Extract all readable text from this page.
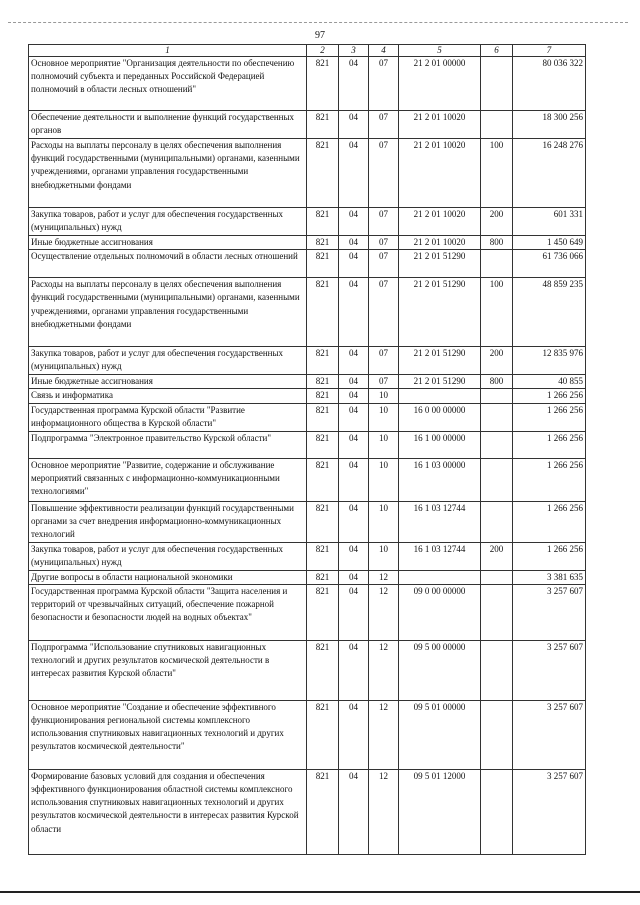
97
1	2	3	4	5	6	7
Основное мероприятие "Организация деятельности по обеспечению полномочий субъекта и переданных Российской Федерацией полномочий в области лесных отношений"	821	04	07	21 2 01 00000		80 036 322
Обеспечение деятельности и выполнение функций государственных органов	821	04	07	21 2 01 10020		18 300 256
Расходы на выплаты персоналу в целях обеспечения выполнения функций государственными (муниципальными) органами, казенными учреждениями, органами управления государственными внебюджетными фондами	821	04	07	21 2 01 10020	100	16 248 276
Закупка товаров, работ и услуг для обеспечения государственных (муниципальных) нужд	821	04	07	21 2 01 10020	200	601 331
Иные бюджетные ассигнования	821	04	07	21 2 01 10020	800	1 450 649
Осуществление отдельных полномочий в области лесных отношений	821	04	07	21 2 01 51290		61 736 066
Расходы на выплаты персоналу в целях обеспечения выполнения функций государственными (муниципальными) органами, казенными учреждениями, органами управления государственными внебюджетными фондами	821	04	07	21 2 01 51290	100	48 859 235
Закупка товаров, работ и услуг для обеспечения государственных (муниципальных) нужд	821	04	07	21 2 01 51290	200	12 835 976
Иные бюджетные ассигнования	821	04	07	21 2 01 51290	800	40 855
Связь и информатика	821	04	10			1 266 256
Государственная программа Курской области "Развитие информационного общества в Курской области"	821	04	10	16 0 00 00000		1 266 256
Подпрограмма "Электронное правительство Курской области"	821	04	10	16 1 00 00000		1 266 256
Основное мероприятие "Развитие, содержание и обслуживание мероприятий связанных с информационно-коммуникационными технологиями"	821	04	10	16 1 03 00000		1 266 256
Повышение эффективности реализации функций государственными органами за счет внедрения информационно-коммуникационных технологий	821	04	10	16 1 03 12744		1 266 256
Закупка товаров, работ и услуг для обеспечения государственных (муниципальных) нужд	821	04	10	16 1 03 12744	200	1 266 256
Другие вопросы в области национальной экономики	821	04	12			3 381 635
Государственная программа Курской области "Защита населения и территорий от чрезвычайных ситуаций, обеспечение пожарной безопасности и безопасности людей на водных объектах"	821	04	12	09 0 00 00000		3 257 607
Подпрограмма "Использование спутниковых навигационных технологий и других результатов космической деятельности в интересах развития Курской области"	821	04	12	09 5 00 00000		3 257 607
Основное мероприятие "Создание и обеспечение эффективного функционирования региональной системы комплексного использования спутниковых навигационных технологий и других результатов космической деятельности"	821	04	12	09 5 01 00000		3 257 607
Формирование базовых условий для создания и обеспечения эффективного функционирования областной системы комплексного использования спутниковых навигационных технологий и других результатов космической деятельности в интересах развития Курской области	821	04	12	09 5 01 12000		3 257 607
